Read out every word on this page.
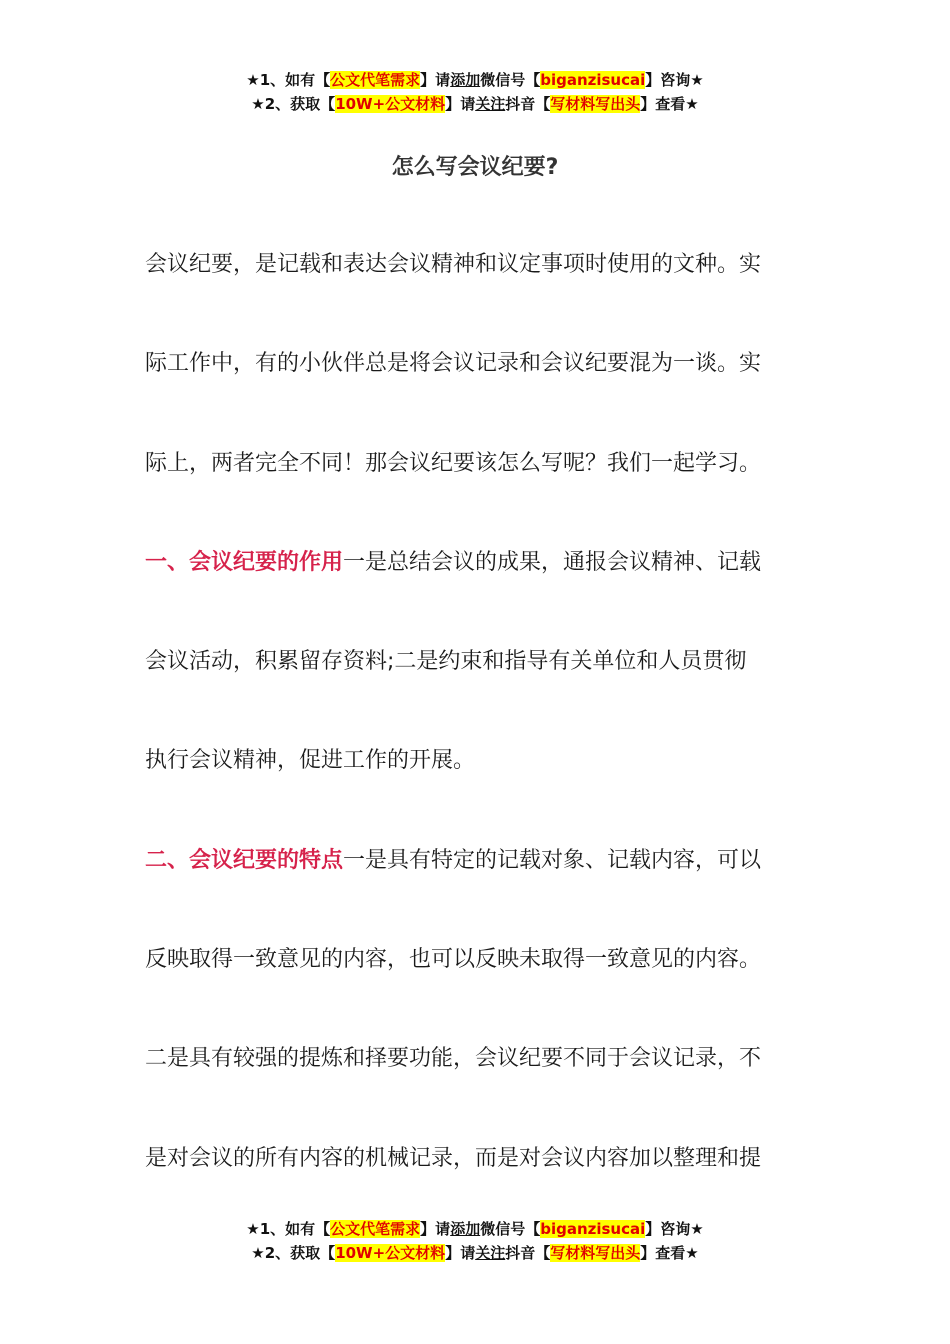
★1、如有【公文代笔需求】请添加微信号【biganzisucai】咨询★
★2、获取【10W+公文材料】请关注抖音【写材料写出头】查看★
怎么写会议纪要?
会议纪要，是记载和表达会议精神和议定事项时使用的文种。实
际工作中，有的小伙伴总是将会议记录和会议纪要混为一谈。实
际上，两者完全不同！那会议纪要该怎么写呢？我们一起学习。
一、会议纪要的作用一是总结会议的成果，通报会议精神、记载
会议活动，积累留存资料;二是约束和指导有关单位和人员贯彻
执行会议精神，促进工作的开展。
二、会议纪要的特点一是具有特定的记载对象、记载内容，可以
反映取得一致意见的内容，也可以反映未取得一致意见的内容。
二是具有较强的提炼和择要功能，会议纪要不同于会议记录，不
是对会议的所有内容的机械记录，而是对会议内容加以整理和提
★1、如有【公文代笔需求】请添加微信号【biganzisucai】咨询★
★2、获取【10W+公文材料】请关注抖音【写材料写出头】查看★
